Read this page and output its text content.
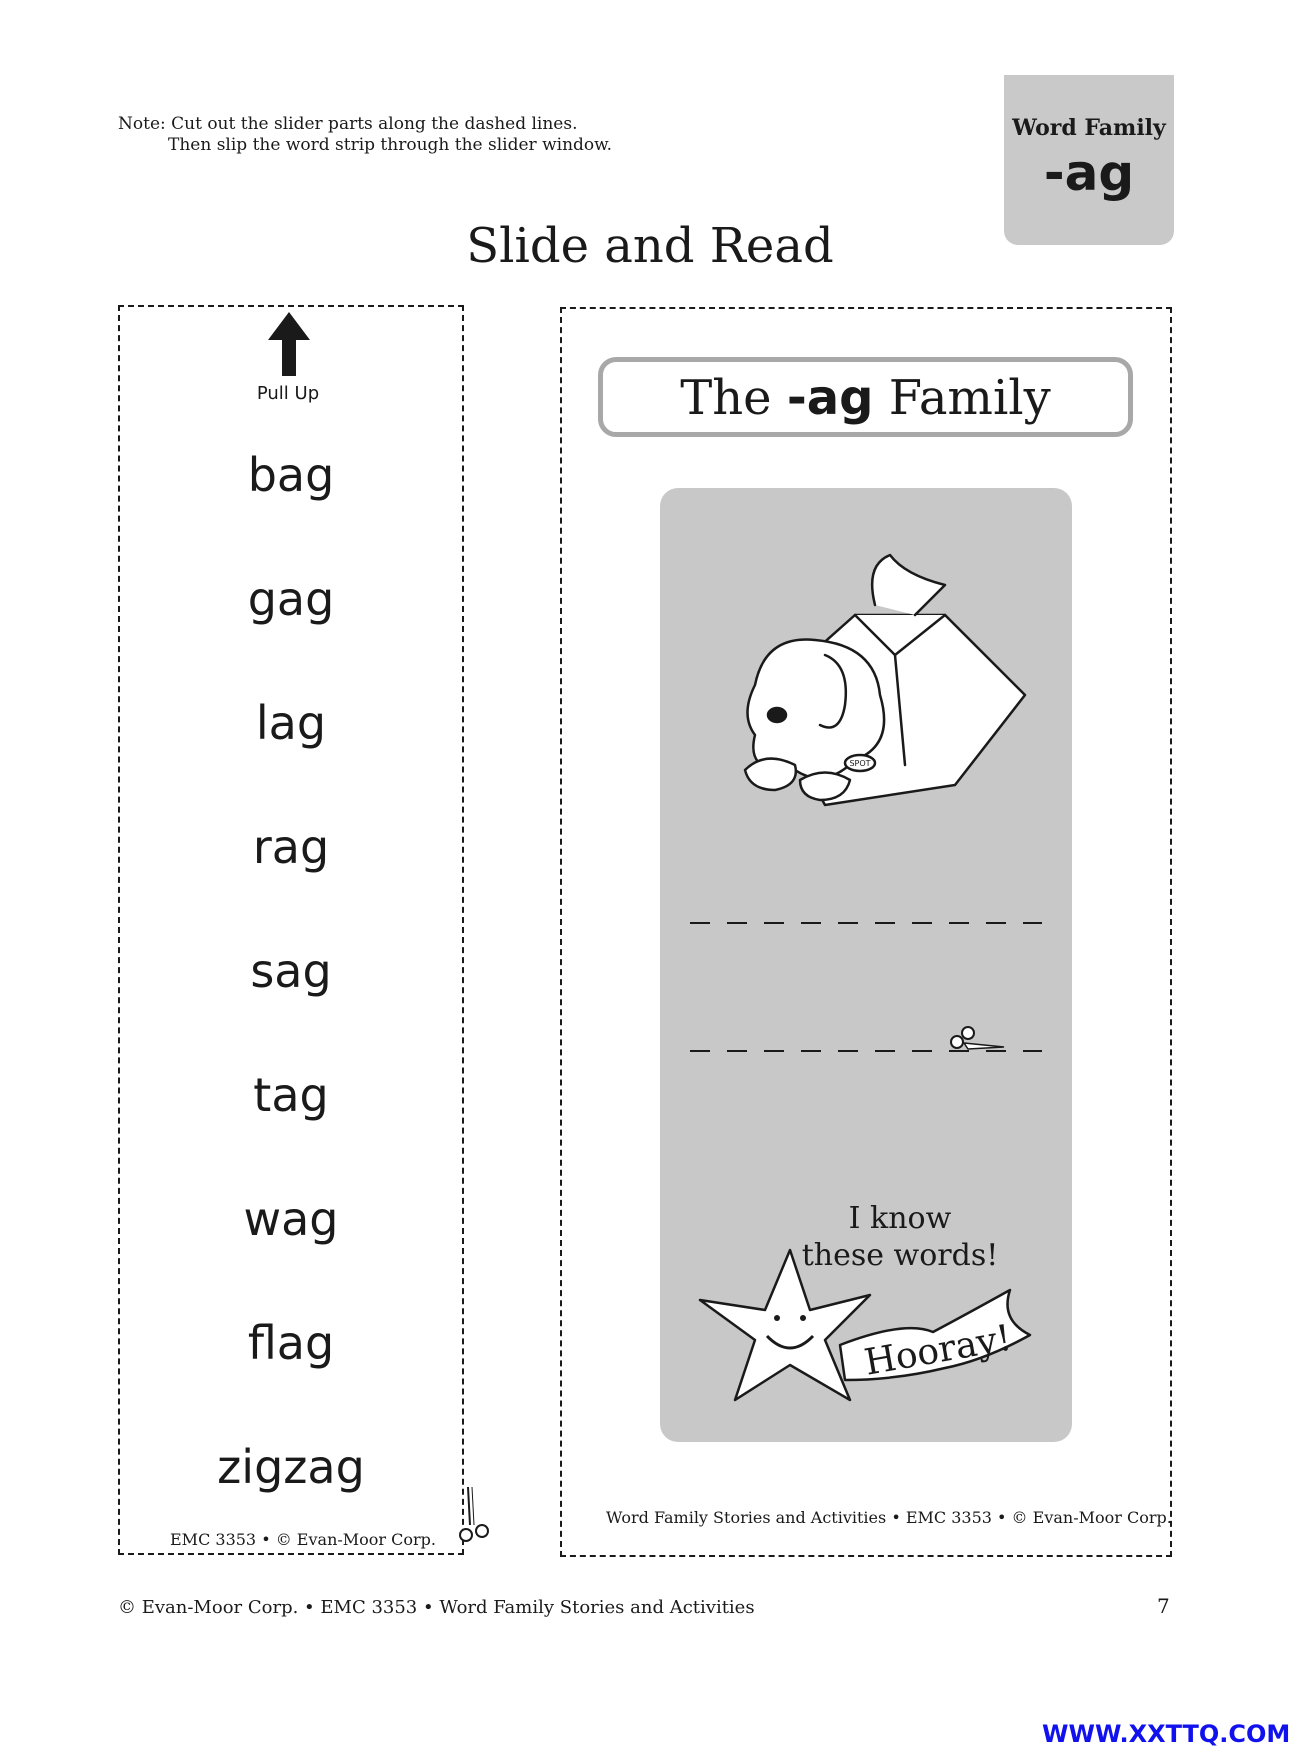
Note: Cut out the slider parts along the dashed lines.
Then slip the word strip through the slider window.
Word Family
-ag
Slide and Read
Pull Up
bag
gag
lag
rag
sag
tag
wag
flag
zigzag
EMC 3353 • © Evan-Moor Corp.
The -ag Family
SPOT
I know
these words!
Hooray!
Word Family Stories and Activities • EMC 3353 • © Evan-Moor Corp.
© Evan-Moor Corp. • EMC 3353 • Word Family Stories and Activities	7
WWW.XXTTQ.COM
